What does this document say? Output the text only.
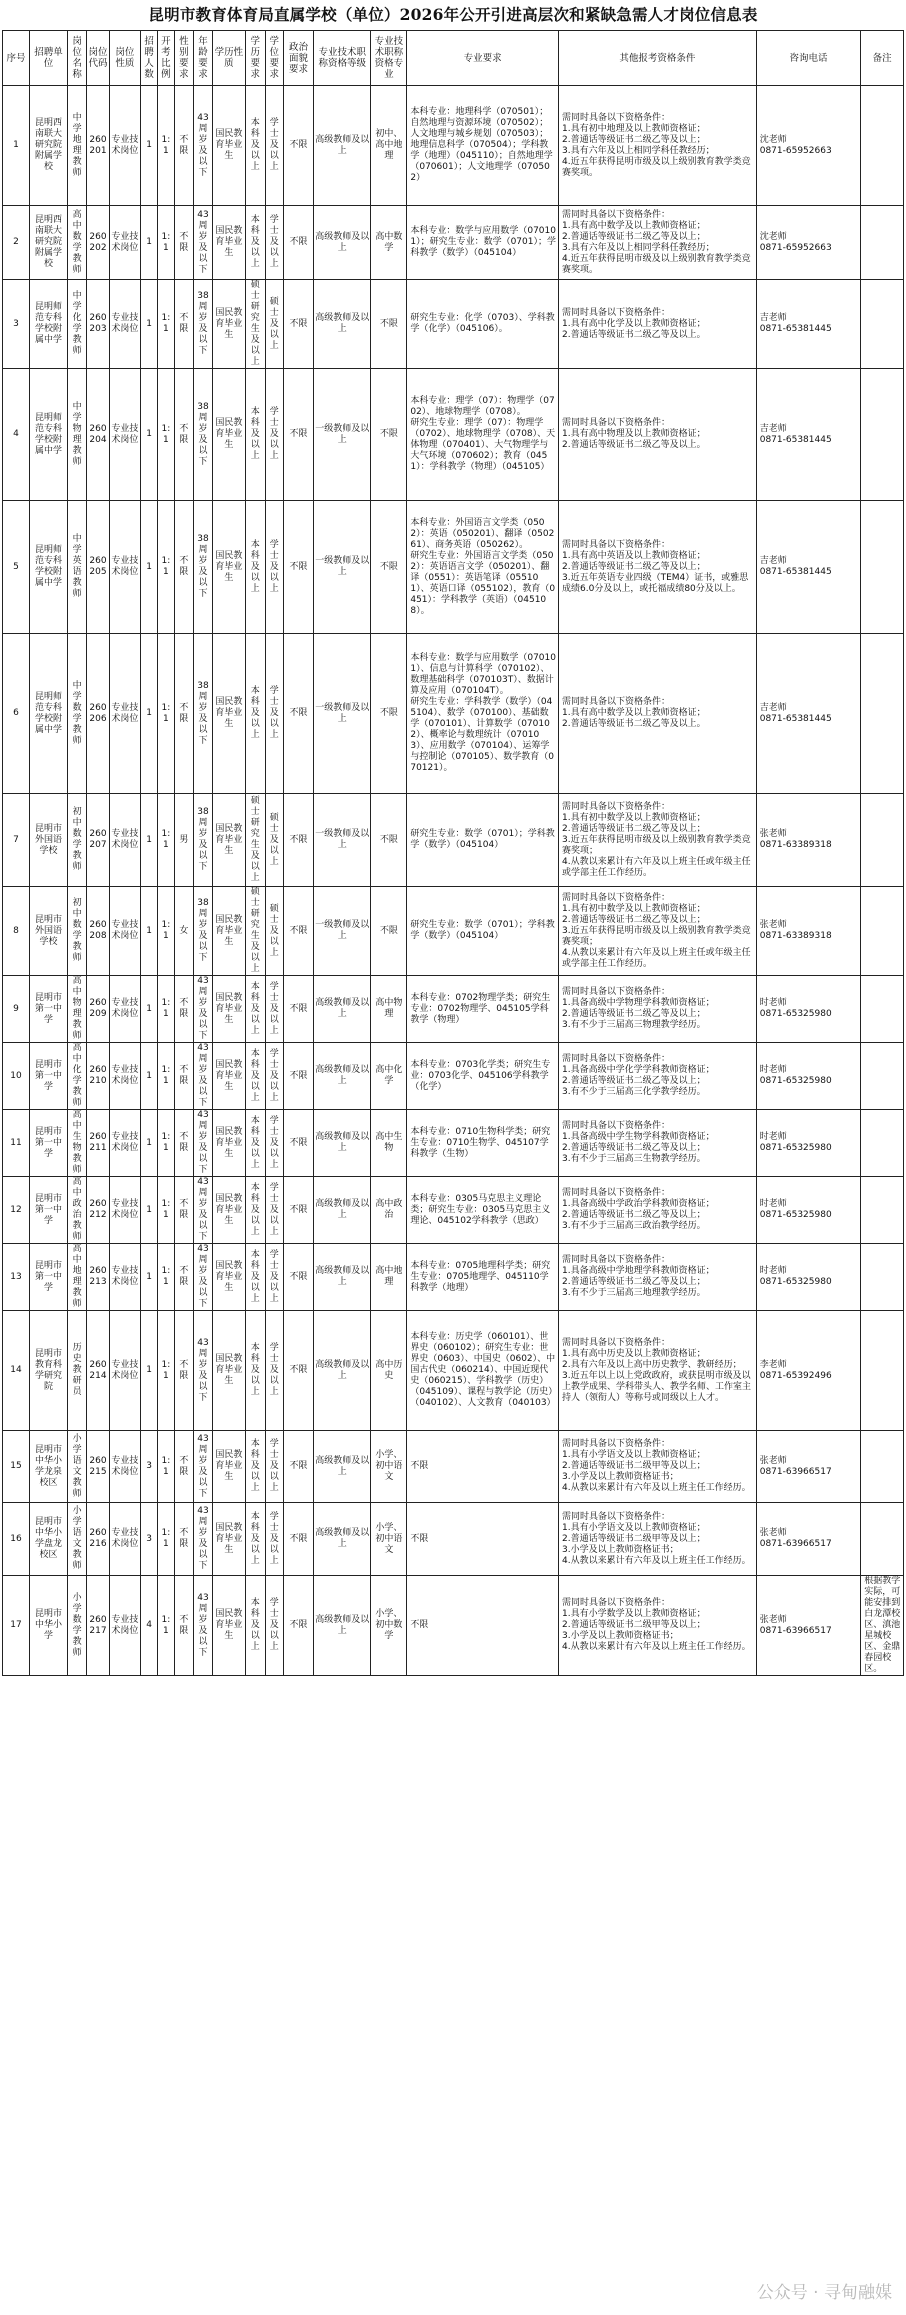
昆明市教育体育局直属学校（单位）2026年公开引进高层次和紧缺急需人才岗位信息表
序号	招聘单位	岗位名称	岗位代码	岗位性质	招聘人数	开考比例	性别要求	年龄要求	学历性质	学历要求	学位要求	政治面貌要求	专业技术职称资格等级	专业技术职称资格专业	专业要求	其他报考资格条件	咨询电话	备注
1	昆明西南联大研究院附属学校	中学地理教师	260201	专业技术岗位	1	1:1	不限	43周岁及以下	国民教育毕业生	本科及以上	学士及以上	不限	高级教师及以上	初中、高中地理	本科专业：地理科学（070501）；自然地理与资源环境（070502）；人文地理与城乡规划（070503）；地理信息科学（070504）；学科教学（地理）（045110）；自然地理学（070601）；人文地理学（070502）	需同时具备以下资格条件：
1.具有初中地理及以上教师资格证；
2.普通话等级证书二级乙等及以上；
3.具有六年及以上相同学科任教经历；
4.近五年获得昆明市级及以上级别教育教学类竞赛奖项。	沈老师
0871-65952663	
2	昆明西南联大研究院附属学校	高中数学教师	260202	专业技术岗位	1	1:1	不限	43周岁及以下	国民教育毕业生	本科及以上	学士及以上	不限	高级教师及以上	高中数学	本科专业：数学与应用数学（070101）；研究生专业：数学（0701）；学科教学（数学）（045104）	需同时具备以下资格条件：
1.具有高中数学及以上教师资格证；
2.普通话等级证书二级乙等及以上；
3.具有六年及以上相同学科任教经历；
4.近五年获得昆明市级及以上级别教育教学类竞赛奖项。	沈老师
0871-65952663	
3	昆明师范专科学校附属中学	中学化学教师	260203	专业技术岗位	1	1:1	不限	38周岁及以下	国民教育毕业生	硕士研究生及以上	硕士及以上	不限	高级教师及以上	不限	研究生专业：化学（0703）、学科教学（化学）（045106）。	需同时具备以下资格条件：
1.具有高中化学及以上教师资格证；
2.普通话等级证书二级乙等及以上。	吉老师
0871-65381445	
4	昆明师范专科学校附属中学	中学物理教师	260204	专业技术岗位	1	1:1	不限	38周岁及以下	国民教育毕业生	本科及以上	学士及以上	不限	一级教师及以上	不限	本科专业：理学（07）：物理学（0702）、地球物理学（0708）。
研究生专业：理学（07）：物理学（0702）、地球物理学（0708）、天体物理（070401）、大气物理学与大气环境（070602）；教育（0451）：学科教学（物理）（045105）	需同时具备以下资格条件：
1.具有高中物理及以上教师资格证；
2.普通话等级证书二级乙等及以上。	吉老师
0871-65381445	
5	昆明师范专科学校附属中学	中学英语教师	260205	专业技术岗位	1	1:1	不限	38周岁及以下	国民教育毕业生	本科及以上	学士及以上	不限	一级教师及以上	不限	本科专业：外国语言文学类（0502）：英语（050201）、翻译（050261）、商务英语（050262）。
研究生专业：外国语言文学类（0502）：英语语言文学（050201）、翻译（0551）：英语笔译（055101）、英语口译（055102），教育（0451）：学科教学（英语）（045108）。	需同时具备以下资格条件：
1.具有高中英语及以上教师资格证；
2.普通话等级证书二级乙等及以上；
3.近五年英语专业四级（TEM4）证书，或雅思成绩6.0分及以上，或托福成绩80分及以上。	吉老师
0871-65381445	
6	昆明师范专科学校附属中学	中学数学教师	260206	专业技术岗位	1	1:1	不限	38周岁及以下	国民教育毕业生	本科及以上	学士及以上	不限	一级教师及以上	不限	本科专业：数学与应用数学（070101）、信息与计算科学（070102）、数理基础科学（070103T）、数据计算及应用（070104T）。
研究生专业：学科教学（数学）（045104）、数学（070100）、基础数学（070101）、计算数学（070102）、概率论与数理统计（070103）、应用数学（070104）、运筹学与控制论（070105）、数学教育（070121）。	需同时具备以下资格条件：
1.具有高中数学及以上教师资格证；
2.普通话等级证书二级乙等及以上。	吉老师
0871-65381445	
7	昆明市外国语学校	初中数学教师	260207	专业技术岗位	1	1:1	男	38周岁及以下	国民教育毕业生	硕士研究生及以上	硕士及以上	不限	一级教师及以上	不限	研究生专业：数学（0701）；学科教学（数学）（045104）	需同时具备以下资格条件：
1.具有初中数学及以上教师资格证；
2.普通话等级证书二级乙等及以上；
3.近五年获得昆明市级及以上级别教育教学类竞赛奖项；
4.从教以来累计有六年及以上班主任或年级主任或学部主任工作经历。	张老师
0871-63389318	
8	昆明市外国语学校	初中数学教师	260208	专业技术岗位	1	1:1	女	38周岁及以下	国民教育毕业生	硕士研究生及以上	硕士及以上	不限	一级教师及以上	不限	研究生专业：数学（0701）；学科教学（数学）（045104）	需同时具备以下资格条件：
1.具有初中数学及以上教师资格证；
2.普通话等级证书二级乙等及以上；
3.近五年获得昆明市级及以上级别教育教学类竞赛奖项；
4.从教以来累计有六年及以上班主任或年级主任或学部主任工作经历。	张老师
0871-63389318	
9	昆明市第一中学	高中物理教师	260209	专业技术岗位	1	1:1	不限	43周岁及以下	国民教育毕业生	本科及以上	学士及以上	不限	高级教师及以上	高中物理	本科专业：0702物理学类；研究生专业：0702物理学、045105学科教学（物理）	需同时具备以下资格条件：
1.具备高级中学物理学科教师资格证；
2.普通话等级证书二级乙等及以上；
3.有不少于三届高三物理教学经历。	时老师
0871-65325980	
10	昆明市第一中学	高中化学教师	260210	专业技术岗位	1	1:1	不限	43周岁及以下	国民教育毕业生	本科及以上	学士及以上	不限	高级教师及以上	高中化学	本科专业：0703化学类；研究生专业：0703化学、045106学科教学（化学）	需同时具备以下资格条件：
1.具备高级中学化学学科教师资格证；
2.普通话等级证书二级乙等及以上；
3.有不少于三届高三化学教学经历。	时老师
0871-65325980	
11	昆明市第一中学	高中生物教师	260211	专业技术岗位	1	1:1	不限	43周岁及以下	国民教育毕业生	本科及以上	学士及以上	不限	高级教师及以上	高中生物	本科专业：0710生物科学类；研究生专业：0710生物学、045107学科教学（生物）	需同时具备以下资格条件：
1.具备高级中学生物学科教师资格证；
2.普通话等级证书二级乙等及以上；
3.有不少于三届高三生物教学经历。	时老师
0871-65325980	
12	昆明市第一中学	高中政治教师	260212	专业技术岗位	1	1:1	不限	43周岁及以下	国民教育毕业生	本科及以上	学士及以上	不限	高级教师及以上	高中政治	本科专业：0305马克思主义理论类；研究生专业：0305马克思主义理论、045102学科教学（思政）	需同时具备以下资格条件：
1.具备高级中学政治学科教师资格证；
2.普通话等级证书二级乙等及以上；
3.有不少于三届高三政治教学经历。	时老师
0871-65325980	
13	昆明市第一中学	高中地理教师	260213	专业技术岗位	1	1:1	不限	43周岁及以下	国民教育毕业生	本科及以上	学士及以上	不限	高级教师及以上	高中地理	本科专业：0705地理科学类；研究生专业：0705地理学、045110学科教学（地理）	需同时具备以下资格条件：
1.具备高级中学地理学科教师资格证；
2.普通话等级证书二级乙等及以上；
3.有不少于三届高三地理教学经历。	时老师
0871-65325980	
14	昆明市教育科学研究院	历史教研员	260214	专业技术岗位	1	1:1	不限	43周岁及以下	国民教育毕业生	本科及以上	学士及以上	不限	高级教师及以上	高中历史	本科专业：历史学（060101）、世界史（060102）；研究生专业：世界史（0603）、中国史（0602）、中国古代史（060214）、中国近现代史（060215）、学科教学（历史）（045109）、课程与教学论（历史）（040102）、人文教育（040103）	需同时具备以下资格条件：
1.具有高中历史及以上教师资格证；
2.具有六年及以上高中历史教学、教研经历；
3.近五年以上以上党政政府，或获昆明市级及以上教学成果、学科带头人、教学名师、工作室主持人（领衔人）等称号或同级以上人才。	李老师
0871-65392496	
15	昆明市中华小学龙泉校区	小学语文教师	260215	专业技术岗位	3	1:1	不限	43周岁及以下	国民教育毕业生	本科及以上	学士及以上	不限	高级教师及以上	小学、初中语文	不限	需同时具备以下资格条件：
1.具有小学语文及以上教师资格证；
2.普通话等级证书二级甲等及以上；
3.小学及以上教师资格证书；
4.从教以来累计有六年及以上班主任工作经历。	张老师
0871-63966517	
16	昆明市中华小学盘龙校区	小学语文教师	260216	专业技术岗位	3	1:1	不限	43周岁及以下	国民教育毕业生	本科及以上	学士及以上	不限	高级教师及以上	小学、初中语文	不限	需同时具备以下资格条件：
1.具有小学语文及以上教师资格证；
2.普通话等级证书二级甲等及以上；
3.小学及以上教师资格证书；
4.从教以来累计有六年及以上班主任工作经历。	张老师
0871-63966517	
17	昆明市中华小学	小学数学教师	260217	专业技术岗位	4	1:1	不限	43周岁及以下	国民教育毕业生	本科及以上	学士及以上	不限	高级教师及以上	小学、初中数学	不限	需同时具备以下资格条件：
1.具有小学数学及以上教师资格证；
2.普通话等级证书二级甲等及以上；
3.小学及以上教师资格证书；
4.从教以来累计有六年及以上班主任工作经历。	张老师
0871-63966517	根据教学实际，可能安排到白龙潭校区、滇池星城校区、金鼎春园校区。
公众号 · 寻甸融媒
